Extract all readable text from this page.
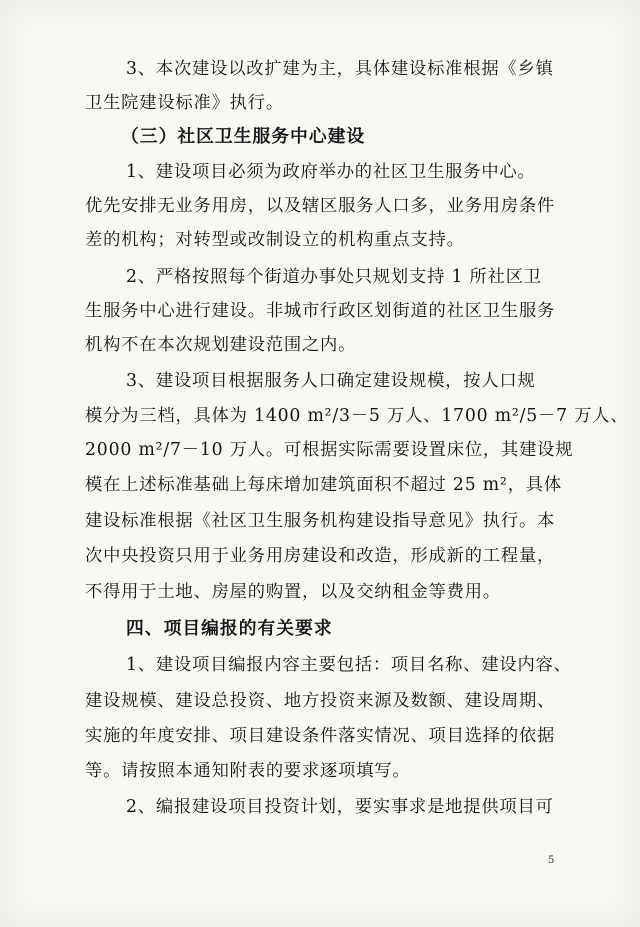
3、本次建设以改扩建为主，具体建设标准根据《乡镇
卫生院建设标准》执行。
（三）社区卫生服务中心建设
1、建设项目必须为政府举办的社区卫生服务中心。
优先安排无业务用房，以及辖区服务人口多，业务用房条件
差的机构；对转型或改制设立的机构重点支持。
2、严格按照每个街道办事处只规划支持 1 所社区卫
生服务中心进行建设。非城市行政区划街道的社区卫生服务
机构不在本次规划建设范围之内。
3、建设项目根据服务人口确定建设规模，按人口规
模分为三档，具体为 1400 m²/3－5 万人、1700 m²/5－7 万人、
2000 m²/7－10 万人。可根据实际需要设置床位，其建设规
模在上述标准基础上每床增加建筑面积不超过 25 m²，具体
建设标准根据《社区卫生服务机构建设指导意见》执行。本
次中央投资只用于业务用房建设和改造，形成新的工程量，
不得用于土地、房屋的购置，以及交纳租金等费用。
四、项目编报的有关要求
1、建设项目编报内容主要包括：项目名称、建设内容、
建设规模、建设总投资、地方投资来源及数额、建设周期、
实施的年度安排、项目建设条件落实情况、项目选择的依据
等。请按照本通知附表的要求逐项填写。
2、编报建设项目投资计划，要实事求是地提供项目可
5
